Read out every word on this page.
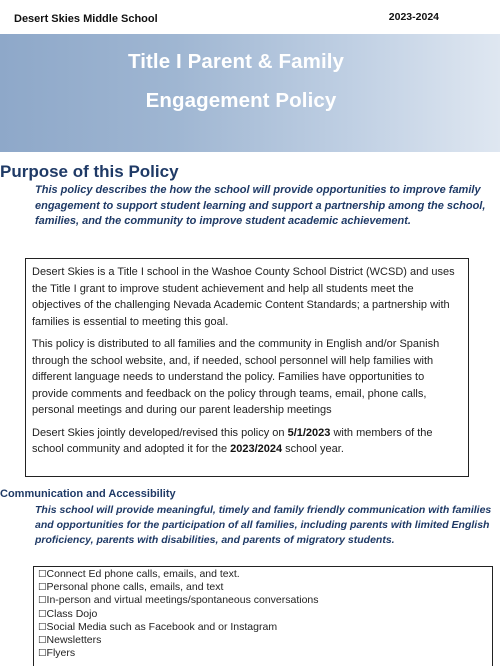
Desert Skies Middle School	2023-2024
Title I Parent & Family
Engagement Policy
Purpose of this Policy
This policy describes the how the school will provide opportunities to improve family engagement to support student learning and support a partnership among the school, families, and the community to improve student academic achievement.

Desert Skies is a Title I school in the Washoe County School District (WCSD) and uses the Title I grant to improve student achievement and help all students meet the objectives of the challenging Nevada Academic Content Standards; a partnership with families is essential to meeting this goal.

This policy is distributed to all families and the community in English and/or Spanish through the school website, and, if needed, school personnel will help families with different language needs to understand the policy. Families have opportunities to provide comments and feedback on the policy through teams, email, phone calls, personal meetings and during our parent leadership meetings

Desert Skies jointly developed/revised this policy on 5/1/2023 with members of the school community and adopted it for the 2023/2024 school year.

Communication and Accessibility
This school will provide meaningful, timely and family friendly communication with families and opportunities for the participation of all families, including parents with limited English proficiency, parents with disabilities, and parents of migratory students.
☐Connect Ed phone calls, emails, and text.
☐Personal phone calls, emails, and text
☐In-person and virtual meetings/spontaneous conversations
☐Class Dojo
☐Social Media such as Facebook and or Instagram
☐Newsletters
☐Flyers
